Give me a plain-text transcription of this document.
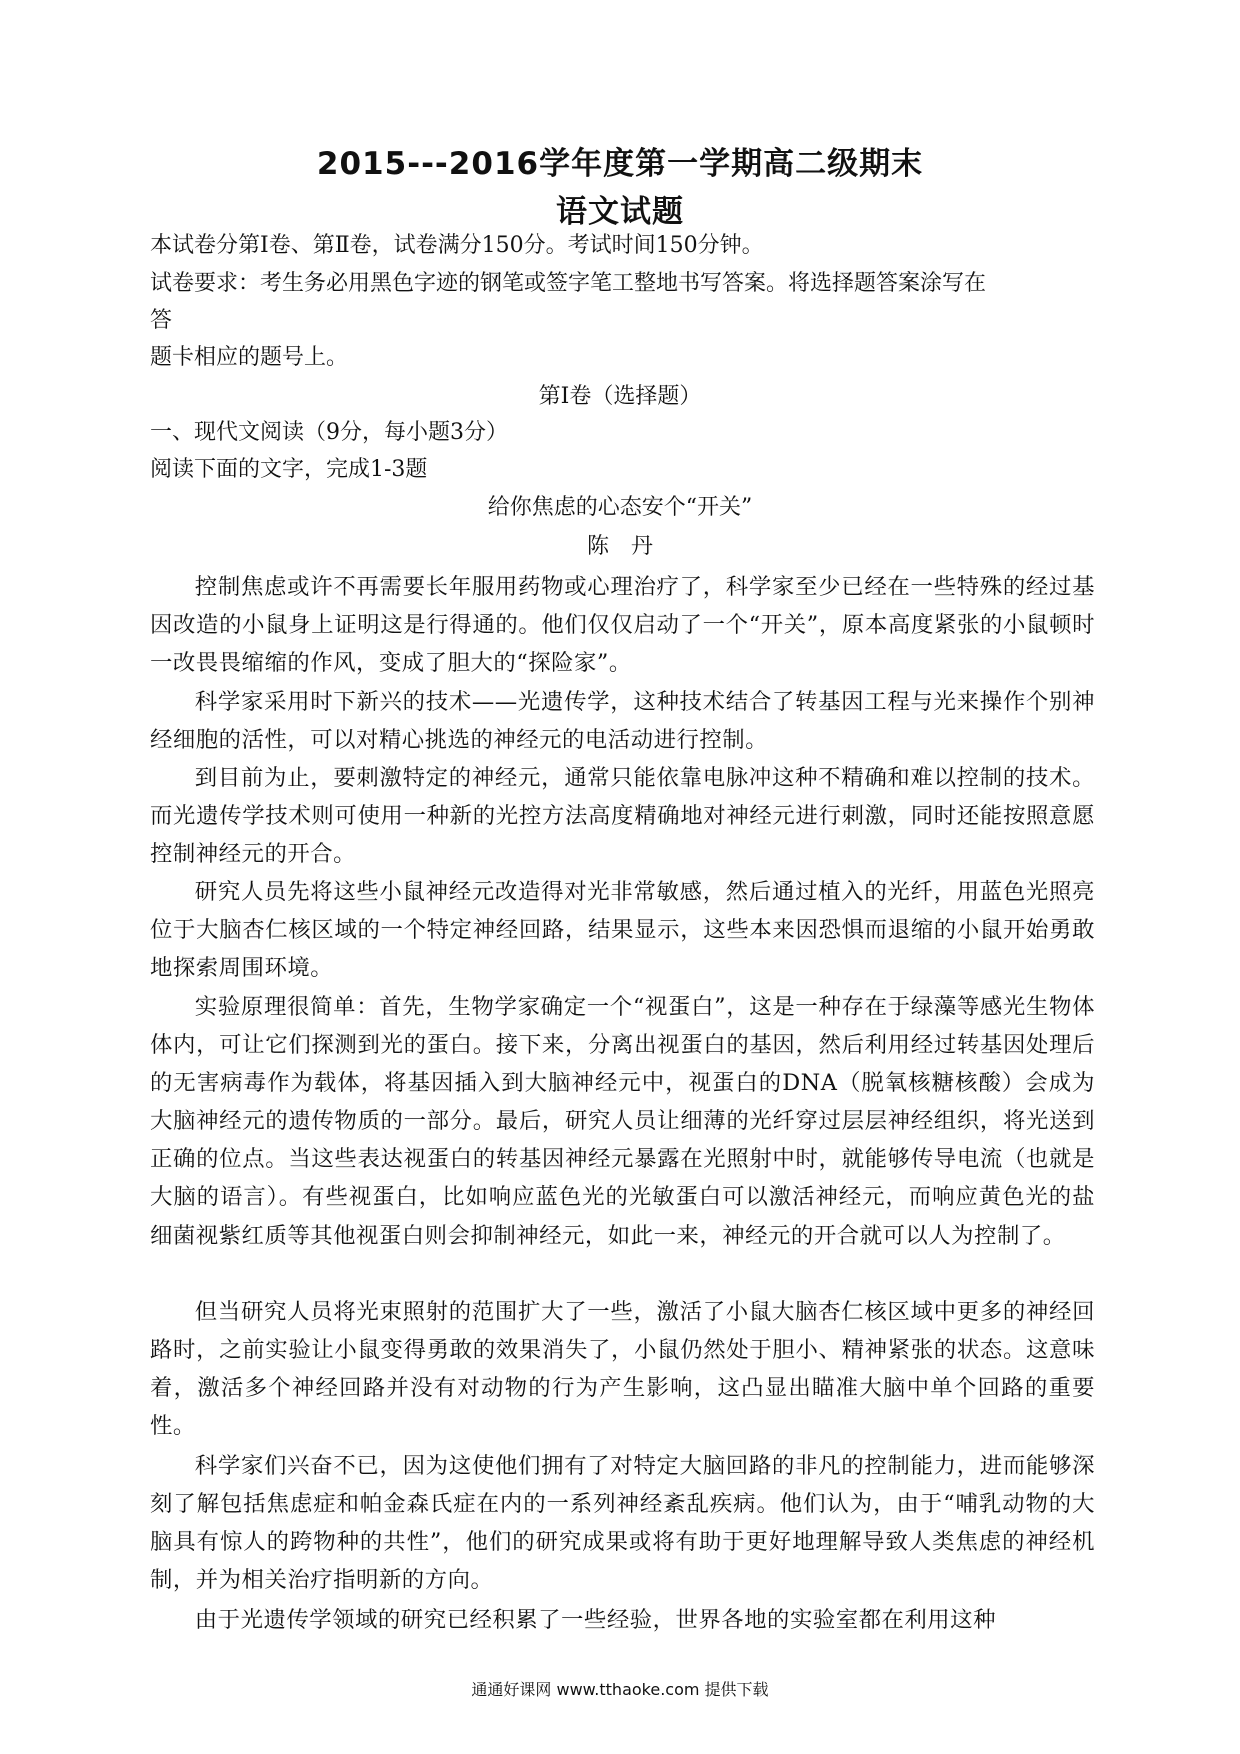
2015---2016学年度第一学期高二级期末
语文试题
本试卷分第Ⅰ卷、第Ⅱ卷，试卷满分150分。考试时间150分钟。
试卷要求：考生务必用黑色字迹的钢笔或签字笔工整地书写答案。将选择题答案涂写在
答
题卡相应的题号上。
第Ⅰ卷（选择题）
一、现代文阅读（9分，每小题3分）
阅读下面的文字，完成1-3题
给你焦虑的心态安个“开关”
陈丹
控制焦虑或许不再需要长年服用药物或心理治疗了，科学家至少已经在一些特殊的经过基因改造的小鼠身上证明这是行得通的。他们仅仅启动了一个“开关”，原本高度紧张的小鼠顿时一改畏畏缩缩的作风，变成了胆大的“探险家”。
科学家采用时下新兴的技术——光遗传学，这种技术结合了转基因工程与光来操作个别神经细胞的活性，可以对精心挑选的神经元的电活动进行控制。
到目前为止，要刺激特定的神经元，通常只能依靠电脉冲这种不精确和难以控制的技术。而光遗传学技术则可使用一种新的光控方法高度精确地对神经元进行刺激，同时还能按照意愿控制神经元的开合。
研究人员先将这些小鼠神经元改造得对光非常敏感，然后通过植入的光纤，用蓝色光照亮位于大脑杏仁核区域的一个特定神经回路，结果显示，这些本来因恐惧而退缩的小鼠开始勇敢地探索周围环境。
实验原理很简单：首先，生物学家确定一个“视蛋白”，这是一种存在于绿藻等感光生物体体内，可让它们探测到光的蛋白。接下来，分离出视蛋白的基因，然后利用经过转基因处理后的无害病毒作为载体，将基因插入到大脑神经元中，视蛋白的DNA（脱氧核糖核酸）会成为大脑神经元的遗传物质的一部分。最后，研究人员让细薄的光纤穿过层层神经组织，将光送到正确的位点。当这些表达视蛋白的转基因神经元暴露在光照射中时，就能够传导电流（也就是大脑的语言）。有些视蛋白，比如响应蓝色光的光敏蛋白可以激活神经元，而响应黄色光的盐细菌视紫红质等其他视蛋白则会抑制神经元，如此一来，神经元的开合就可以人为控制了。
但当研究人员将光束照射的范围扩大了一些，激活了小鼠大脑杏仁核区域中更多的神经回路时，之前实验让小鼠变得勇敢的效果消失了，小鼠仍然处于胆小、精神紧张的状态。这意味着，激活多个神经回路并没有对动物的行为产生影响，这凸显出瞄准大脑中单个回路的重要性。
科学家们兴奋不已，因为这使他们拥有了对特定大脑回路的非凡的控制能力，进而能够深刻了解包括焦虑症和帕金森氏症在内的一系列神经紊乱疾病。他们认为，由于“哺乳动物的大脑具有惊人的跨物种的共性”，他们的研究成果或将有助于更好地理解导致人类焦虑的神经机制，并为相关治疗指明新的方向。
由于光遗传学领域的研究已经积累了一些经验，世界各地的实验室都在利用这种
通通好课网 www.tthaoke.com 提供下载
